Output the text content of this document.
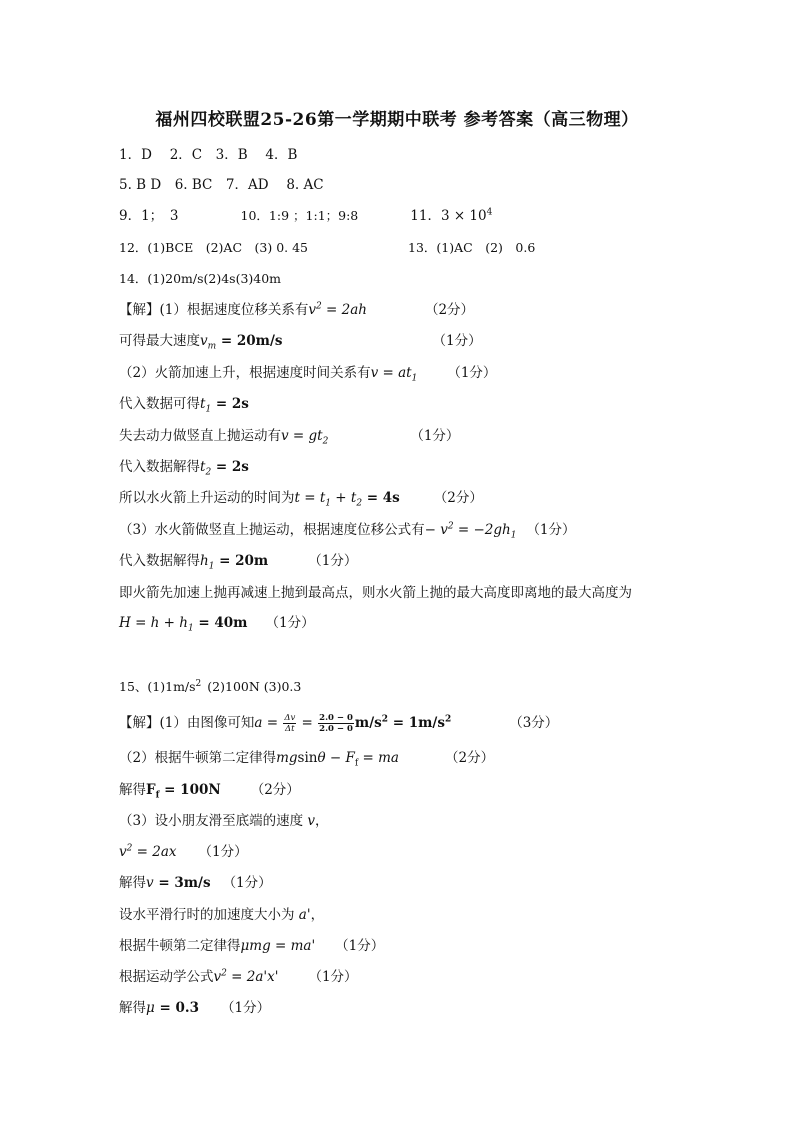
福州四校联盟25-26第一学期期中联考 参考答案（高三物理）
1．D　 2．C　3．B　 4．B
5. B D　6. BC　7．AD　 8. AC
9．1；　3	10．1:9 ；1:1；9:8	11．$3 \times 10^4$
12．(1)BCE　(2)AC　(3) 0. 45	13．(1)AC　(2)　0.6
14．(1)20m/s(2)4s(3)40m
【解】(1）根据速度位移关系有$v^2 = 2ah$	（2分）
可得最大速度$v_m = 20m/s$	（1分）
（2）火箭加速上升，根据速度时间关系有$v = at_1$ （1分）
代入数据可得$t_1 = 2s$
失去动力做竖直上抛运动有$v = gt_2$	（1分）
代入数据解得$t_2 = 2s$
所以水火箭上升运动的时间为$t = t_1 + t_2 = 4s$	（2分）
（3）水火箭做竖直上抛运动，根据速度位移公式有− $v^2 = -2gh_1$ （1分）
代入数据解得$h_1 = 20m$	（1分）
即火箭先加速上抛再减速上抛到最高点，则水火箭上抛的最大高度即离地的最大高度为
$H = h + h_1 = 40m$ （1分）
15、$(1)1m/s^2$ (2)100N (3)0.3
【解】(1）由图像可知$a = \frac{\Delta v}{\Delta t} = \frac{2.0 - 0}{2.0 - 0} m/s^2 = 1m/s^2$	（3分）
（2）根据牛顿第二定律得$mgsin\theta - F_f$ = ma	（2分）
解得$F_f = 100N$ （2分）
（3）设小朋友滑至底端的速度 v，
$v^2 = 2ax$ （1分）
解得v = 3m/s （1分）
设水平滑行时的加速度大小为 a'，
根据牛顿第二定律得μmg = ma' （1分）
根据运动学公式$v^2 = 2a'x'$ （1分）
解得μ = 0.3 （1分）
